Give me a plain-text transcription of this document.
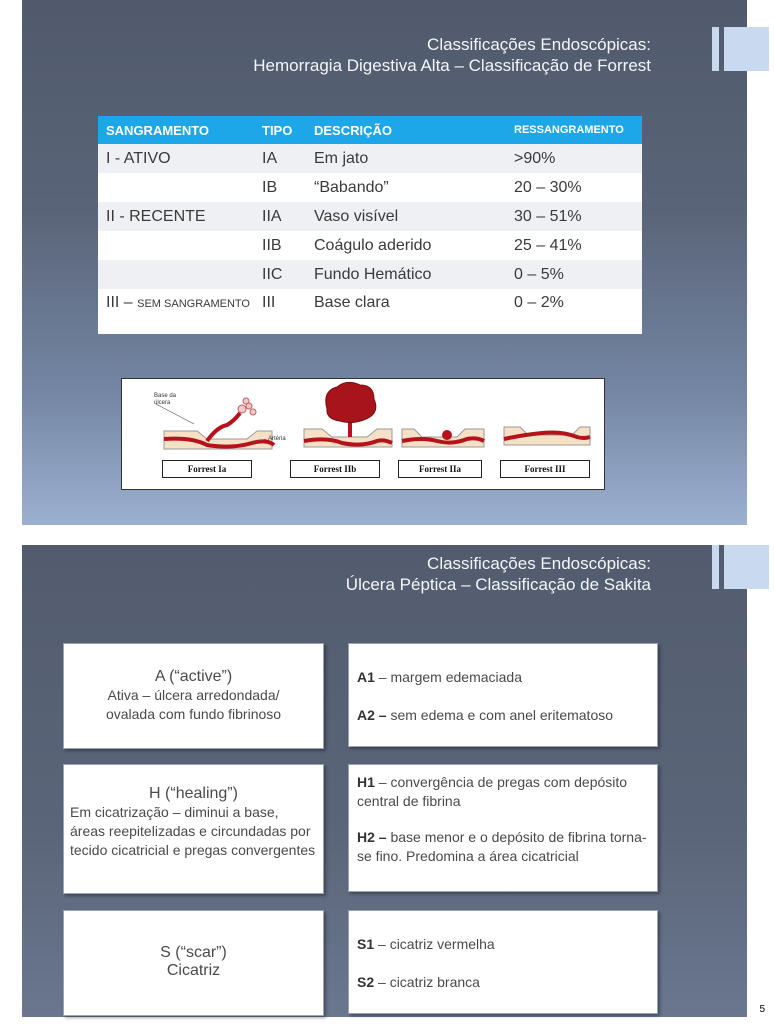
Classificações Endoscópicas:
Hemorragia Digestiva Alta – Classificação de Forrest
SANGRAMENTO	TIPO	DESCRIÇÃO	RESSANGRAMENTO
I - ATIVO	IA	Em jato	>90%
	IB	“Babando”	20 – 30%
II - RECENTE	IIA	Vaso visível	30 – 51%
	IIB	Coágulo aderido	25 – 41%
	IIC	Fundo Hemático	0 – 5%
III – SEM SANGRAMENTO	III	Base clara	0 – 2%
Base da úlcera
Artéria
Forrest Ia	Forrest IIb	Forrest IIa	Forrest III
Classificações Endoscópicas:
Úlcera Péptica – Classificação de Sakita
A (“active”)
Ativa – úlcera arredondada/ ovalada com fundo fibrinoso
A1 – margem edemaciada
A2 – sem edema e com anel eritematoso
H (“healing”)
Em cicatrização – diminui a base, áreas reepitelizadas e circundadas por tecido cicatricial e pregas convergentes
H1 – convergência de pregas com depósito central de fibrina
H2 – base menor e o depósito de fibrina torna-se fino. Predomina a área cicatricial
S (“scar”)
Cicatriz
S1 – cicatriz vermelha
S2 – cicatriz branca
5
